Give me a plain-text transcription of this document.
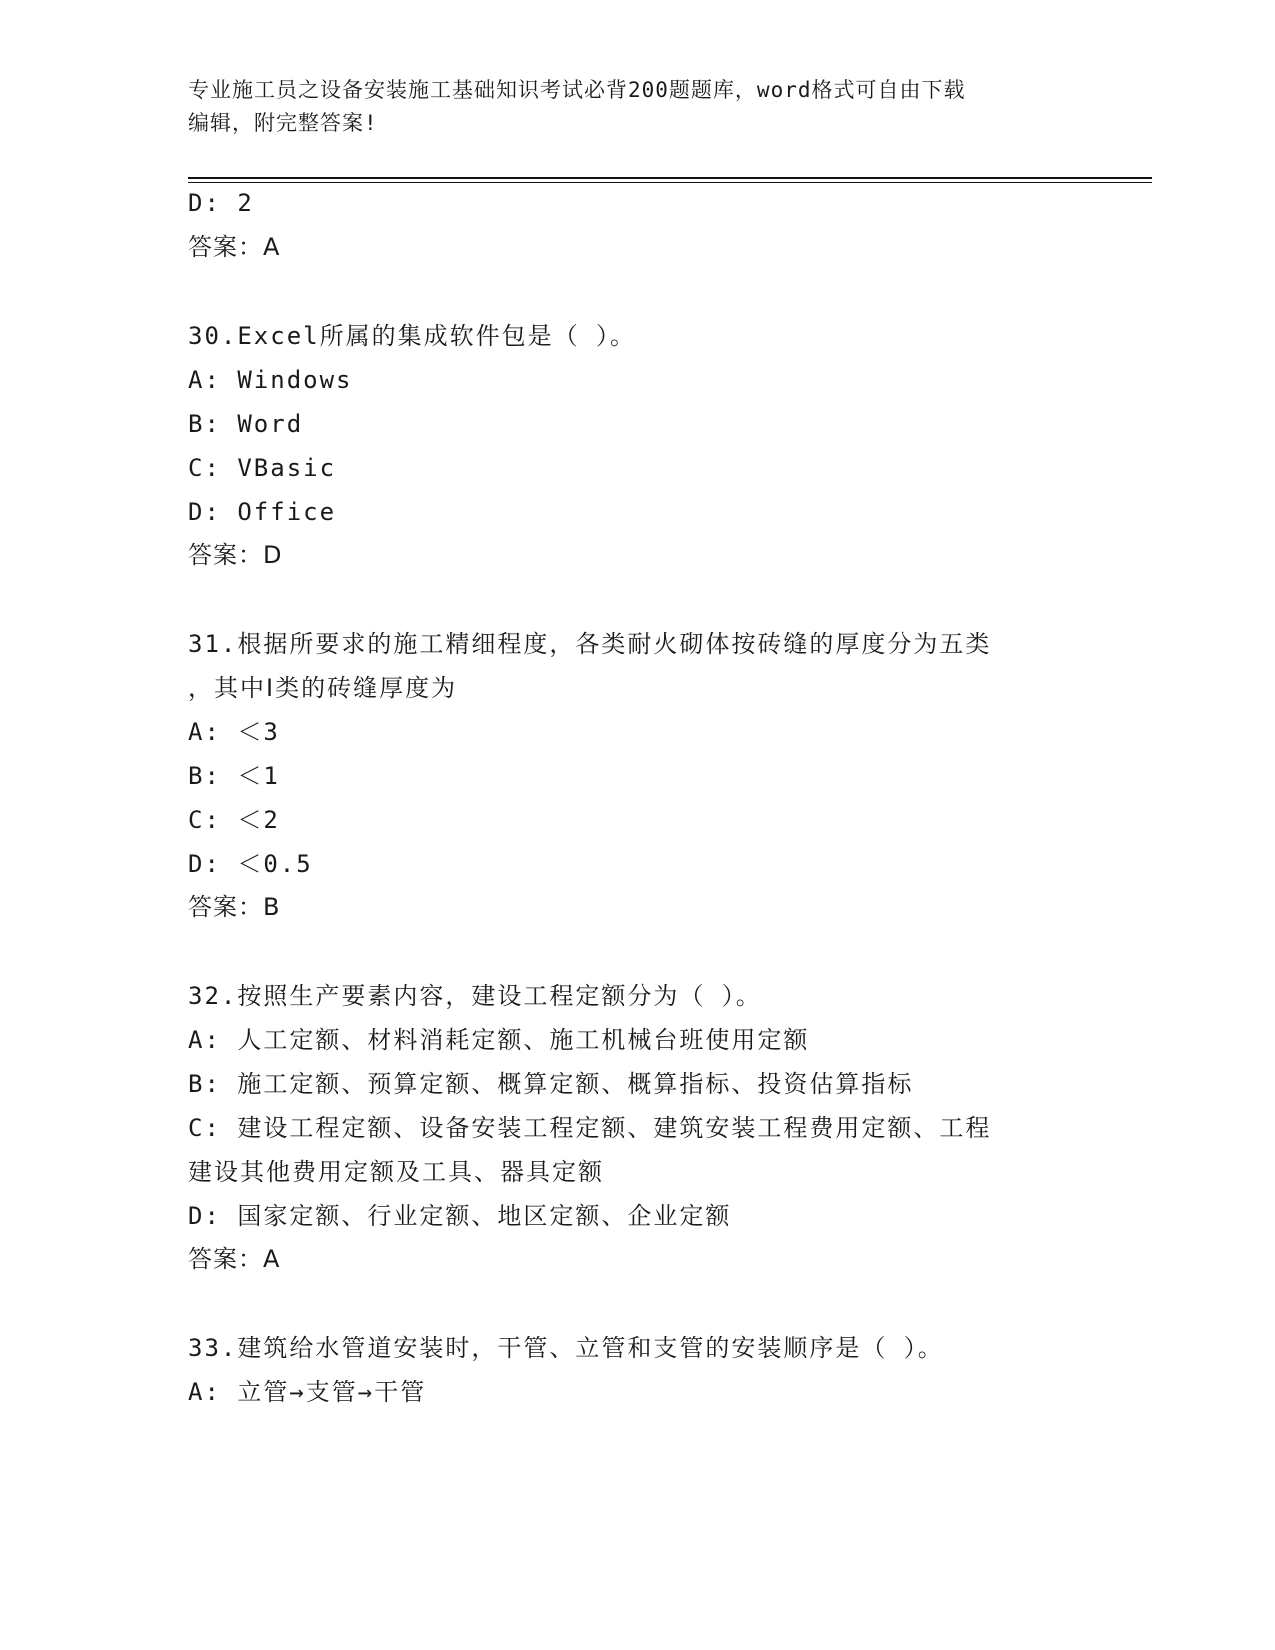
专业施工员之设备安装施工基础知识考试必背200题题库，word格式可自由下载
编辑，附完整答案!
D: 2
答案：A
30.Excel所属的集成软件包是（ ）。
A: Windows
B: Word
C: VBasic
D: Office
答案：D
31.根据所要求的施工精细程度，各类耐火砌体按砖缝的厚度分为五类
，其中Ⅰ类的砖缝厚度为
A: ＜3
B: ＜1
C: ＜2
D: ＜0.5
答案：B
32.按照生产要素内容，建设工程定额分为（ ）。
A: 人工定额、材料消耗定额、施工机械台班使用定额
B: 施工定额、预算定额、概算定额、概算指标、投资估算指标
C: 建设工程定额、设备安装工程定额、建筑安装工程费用定额、工程
建设其他费用定额及工具、器具定额
D: 国家定额、行业定额、地区定额、企业定额
答案：A
33.建筑给水管道安装时，干管、立管和支管的安装顺序是（ ）。
A: 立管→支管→干管
